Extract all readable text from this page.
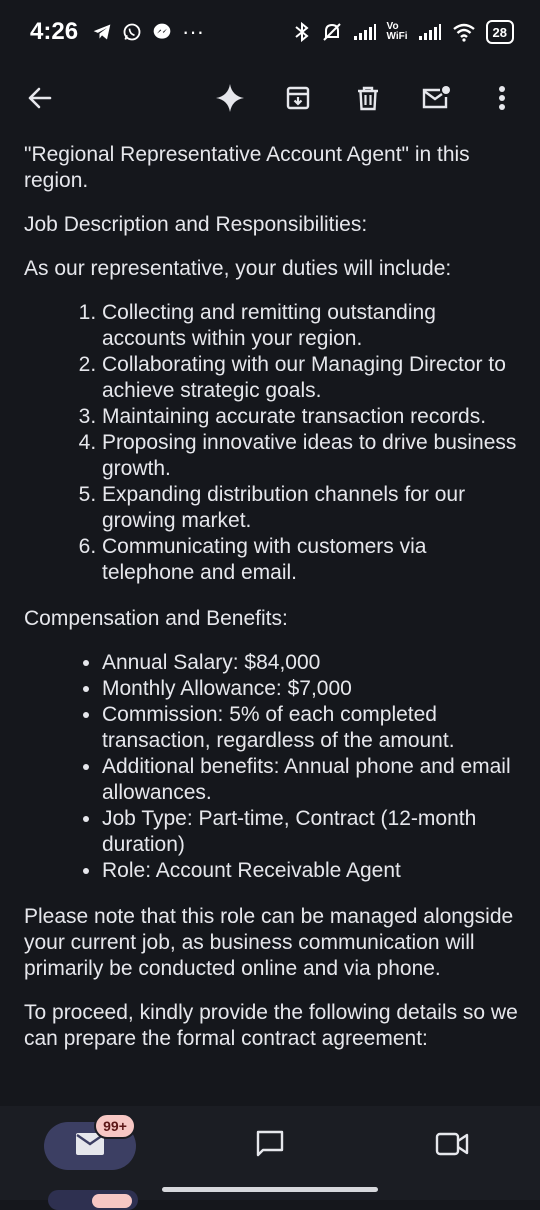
4:26	···	Vo
WiFi	28

"Regional Representative Account Agent" in this region.

Job Description and Responsibilities:

As our representative, your duties will include:

1. Collecting and remitting outstanding accounts within your region.
2. Collaborating with our Managing Director to achieve strategic goals.
3. Maintaining accurate transaction records.
4. Proposing innovative ideas to drive business growth.
5. Expanding distribution channels for our growing market.
6. Communicating with customers via telephone and email.

Compensation and Benefits:

• Annual Salary: $84,000
• Monthly Allowance: $7,000
• Commission: 5% of each completed transaction, regardless of the amount.
• Additional benefits: Annual phone and email allowances.
• Job Type: Part-time, Contract (12-month duration)
• Role: Account Receivable Agent

Please note that this role can be managed alongside your current job, as business communication will primarily be conducted online and via phone.

To proceed, kindly provide the following details so we can prepare the formal contract agreement:

99+
